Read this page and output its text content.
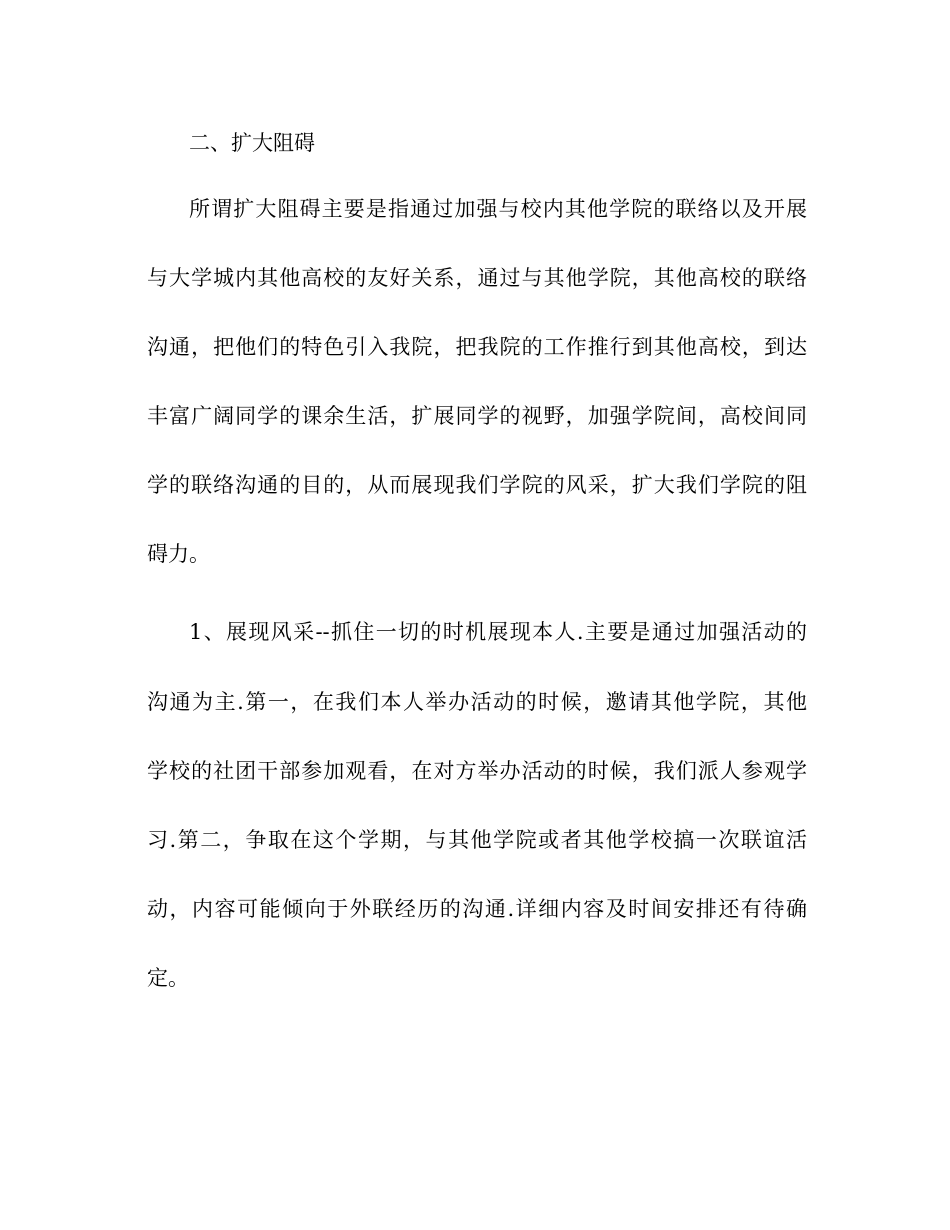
二、扩大阻碍

所谓扩大阻碍主要是指通过加强与校内其他学院的联络以及开展

与大学城内其他高校的友好关系，通过与其他学院，其他高校的联络

沟通，把他们的特色引入我院，把我院的工作推行到其他高校，到达

丰富广阔同学的课余生活，扩展同学的视野，加强学院间，高校间同

学的联络沟通的目的，从而展现我们学院的风采，扩大我们学院的阻

碍力。

1、展现风采--抓住一切的时机展现本人.主要是通过加强活动的

沟通为主.第一，在我们本人举办活动的时候，邀请其他学院，其他

学校的社团干部参加观看，在对方举办活动的时候，我们派人参观学

习.第二，争取在这个学期，与其他学院或者其他学校搞一次联谊活

动，内容可能倾向于外联经历的沟通.详细内容及时间安排还有待确

定。
